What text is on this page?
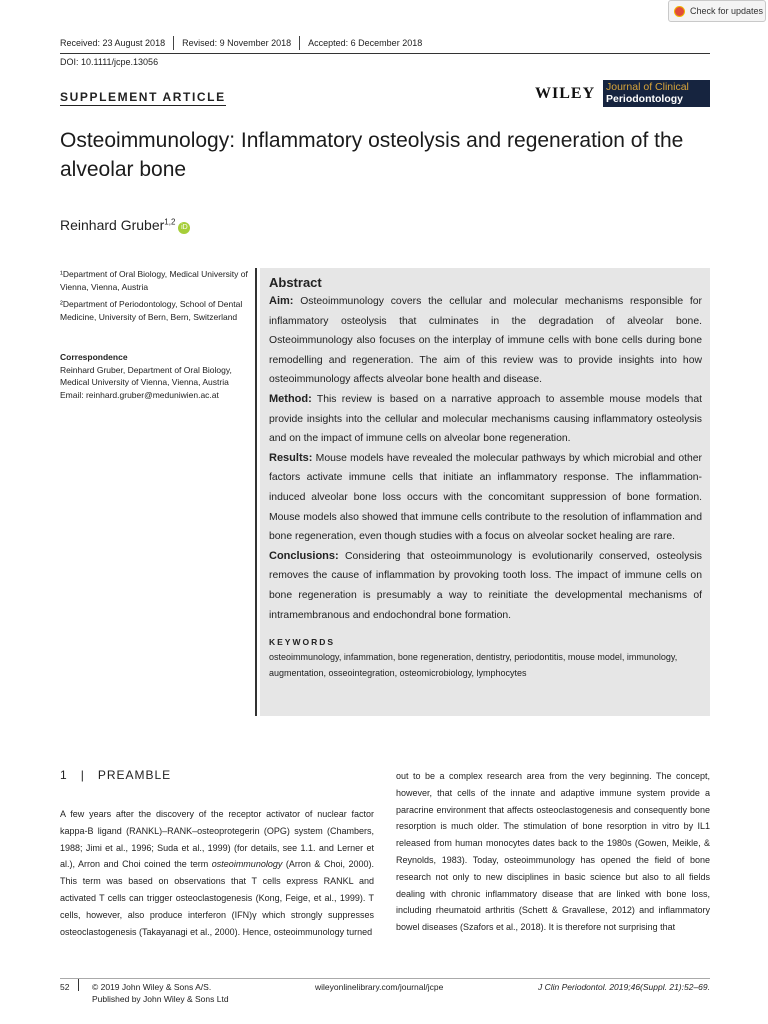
Check for updates
Received: 23 August 2018	Revised: 9 November 2018	Accepted: 6 December 2018
DOI: 10.1111/jcpe.13056
SUPPLEMENT ARTICLE	WILEY Journal of Clinical
Periodontology
Osteoimmunology: Inflammatory osteolysis and regeneration of the alveolar bone
Reinhard Gruber$^{1,2}$iD
¹Department of Oral Biology, Medical University of Vienna, Vienna, Austria
²Department of Periodontology, School of Dental Medicine, University of Bern, Bern, Switzerland
Correspondence
Reinhard Gruber, Department of Oral Biology, Medical University of Vienna, Vienna, Austria
Email: reinhard.gruber@meduniwien.ac.at
Abstract
Aim: Osteoimmunology covers the cellular and molecular mechanisms responsible for inflammatory osteolysis that culminates in the degradation of alveolar bone. Osteoimmunology also focuses on the interplay of immune cells with bone cells during bone remodelling and regeneration. The aim of this review was to provide insights into how osteoimmunology affects alveolar bone health and disease.
Method: This review is based on a narrative approach to assemble mouse models that provide insights into the cellular and molecular mechanisms causing inflammatory osteolysis and on the impact of immune cells on alveolar bone regeneration.
Results: Mouse models have revealed the molecular pathways by which microbial and other factors activate immune cells that initiate an inflammatory response. The inflammation‐induced alveolar bone loss occurs with the concomitant suppression of bone formation. Mouse models also showed that immune cells contribute to the resolution of inflammation and bone regeneration, even though studies with a focus on alveolar socket healing are rare.
Conclusions: Considering that osteoimmunology is evolutionarily conserved, osteolysis removes the cause of inflammation by provoking tooth loss. The impact of immune cells on bone regeneration is presumably a way to reinitiate the developmental mechanisms of intramembranous and endochondral bone formation.
KEYWORDS
osteoimmunology, infammation, bone regeneration, dentistry, periodontitis, mouse model, immunology, augmentation, osseointegration, osteomicrobiology, lymphocytes
1   |   PREAMBLE
A few years after the discovery of the receptor activator of nuclear factor kappa‐B ligand (RANKL)–RANK–osteoprotegerin (OPG) system (Chambers, 1988; Jimi et al., 1996; Suda et al., 1999) (for details, see 1.1. and Lerner et al.), Arron and Choi coined the term osteoimmunology (Arron & Choi, 2000). This term was based on observations that T cells express RANKL and activated T cells can trigger osteoclastogenesis (Kong, Feige, et al., 1999). T cells, however, also produce interferon (IFN)γ which strongly suppresses osteoclastogenesis (Takayanagi et al., 2000). Hence, osteoimmunology turned
out to be a complex research area from the very beginning. The concept, however, that cells of the innate and adaptive immune system provide a paracrine environment that affects osteoclastogenesis and consequently bone resorption is much older. The stimulation of bone resorption in vitro by IL1 released from human monocytes dates back to the 1980s (Gowen, Meikle, & Reynolds, 1983). Today, osteoimmunology has opened the field of bone research not only to new disciplines in basic science but also to all fields dealing with chronic inflammatory disease that are linked with bone loss, including rheumatoid arthritis (Schett & Gravallese, 2012) and inflammatory bowel diseases (Szafors et al., 2018). It is therefore not surprising that
52	© 2019 John Wiley & Sons A/S.
Published by John Wiley & Sons Ltd
wileyonlinelibrary.com/journal/jcpe	J Clin Periodontol. 2019;46(Suppl. 21):52–69.
